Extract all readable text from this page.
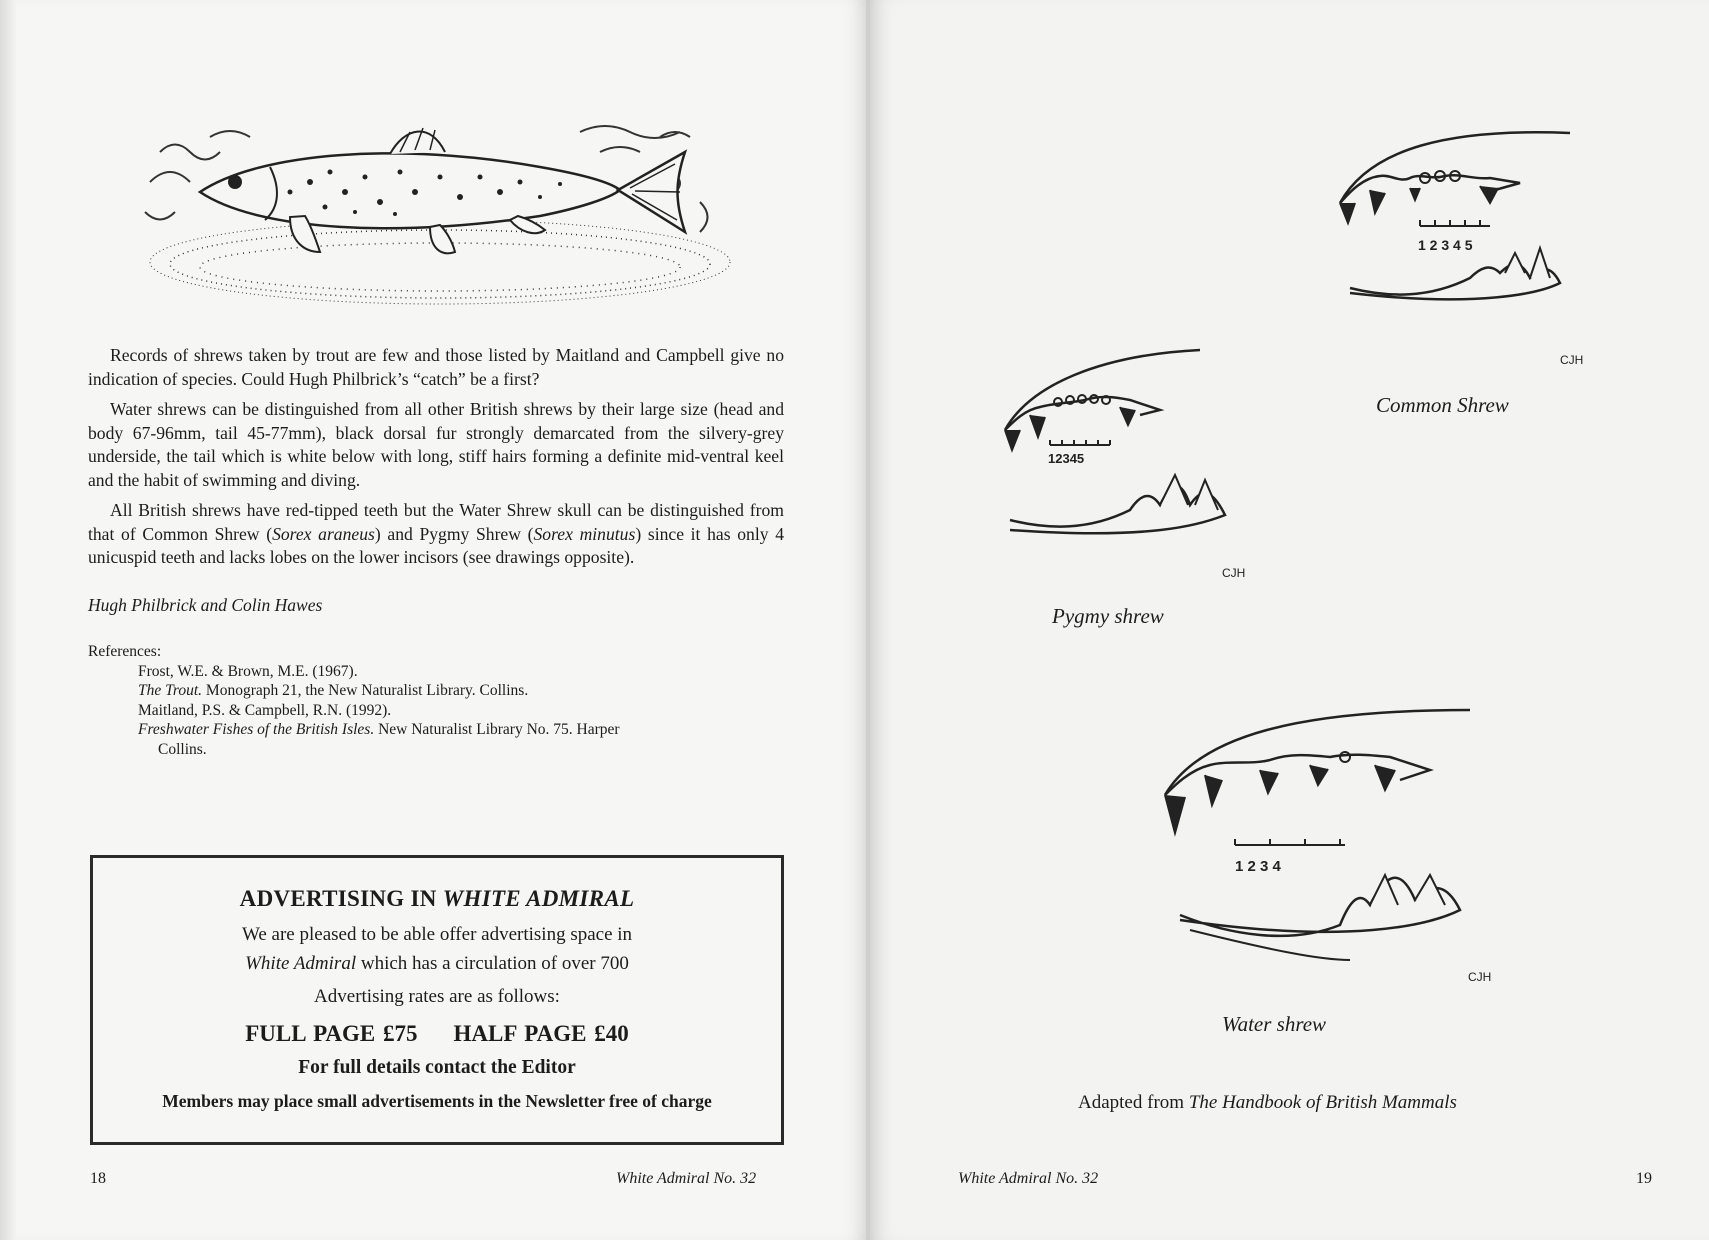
Records of shrews taken by trout are few and those listed by Maitland and Campbell give no indication of species. Could Hugh Philbrick’s “catch” be a first?

Water shrews can be distinguished from all other British shrews by their large size (head and body 67-96mm, tail 45-77mm), black dorsal fur strongly demarcated from the silvery-grey underside, the tail which is white below with long, stiff hairs forming a definite mid-ventral keel and the habit of swimming and diving.

All British shrews have red-tipped teeth but the Water Shrew skull can be distinguished from that of Common Shrew (Sorex araneus) and Pygmy Shrew (Sorex minutus) since it has only 4 unicuspid teeth and lacks lobes on the lower incisors (see drawings opposite).

Hugh Philbrick and Colin Hawes
References:
Frost, W.E. & Brown, M.E. (1967).
The Trout. Monograph 21, the New Naturalist Library. Collins.
Maitland, P.S. & Campbell, R.N. (1992).
Freshwater Fishes of the British Isles. New Naturalist Library No. 75. Harper
Collins.
ADVERTISING IN WHITE ADMIRAL
We are pleased to be able offer advertising space in
White Admiral which has a circulation of over 700
Advertising rates are as follows:
FULL PAGE £75 HALF PAGE £40
For full details contact the Editor
Members may place small advertisements in the Newsletter free of charge
18	White Admiral No. 32
1 2 3 4 5
CJH
Common Shrew
12345
CJH
Pygmy shrew
1 2 3 4
CJH
Water shrew
Adapted from The Handbook of British Mammals
White Admiral No. 32	19
